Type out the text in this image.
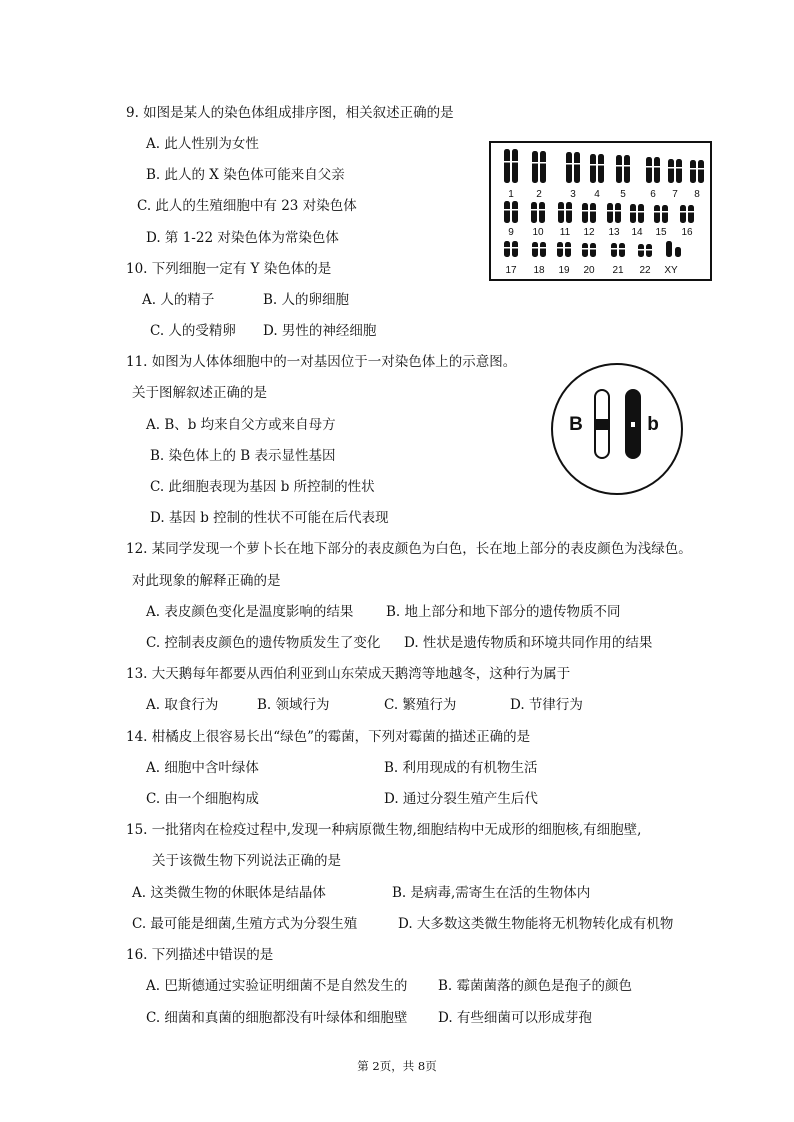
9. 如图是某人的染色体组成排序图，相关叙述正确的是
A. 此人性别为女性
B. 此人的 X 染色体可能来自父亲
C. 此人的生殖细胞中有 23 对染色体
D. 第 1-22 对染色体为常染色体
1 2	3 4 5 6 7 8
9 10 11 12 13 14 15 16
17 18 19 20 21 22 XY
10. 下列细胞一定有 Y 染色体的是
A. 人的精子	B. 人的卵细胞
C. 人的受精卵 D. 男性的神经细胞
11. 如图为人体体细胞中的一对基因位于一对染色体上的示意图。
关于图解叙述正确的是
A. B、b 均来自父方或来自母方
B. 染色体上的 B 表示显性基因
C. 此细胞表现为基因 b 所控制的性状
D. 基因 b 控制的性状不可能在后代表现
B	b
12. 某同学发现一个萝卜长在地下部分的表皮颜色为白色，长在地上部分的表皮颜色为浅绿色。
对此现象的解释正确的是
A. 表皮颜色变化是温度影响的结果 B. 地上部分和地下部分的遗传物质不同
C. 控制表皮颜色的遗传物质发生了变化 D. 性状是遗传物质和环境共同作用的结果
13. 大天鹅每年都要从西伯利亚到山东荣成天鹅湾等地越冬，这种行为属于
A. 取食行为	B. 领域行为	C. 繁殖行为	D. 节律行为
14. 柑橘皮上很容易长出“绿色”的霉菌，下列对霉菌的描述正确的是
A. 细胞中含叶绿体	B. 利用现成的有机物生活
C. 由一个细胞构成	D. 通过分裂生殖产生后代
15. 一批猪肉在检疫过程中,发现一种病原微生物,细胞结构中无成形的细胞核,有细胞壁,
关于该微生物下列说法正确的是
A. 这类微生物的休眠体是结晶体	B. 是病毒,需寄生在活的生物体内
C. 最可能是细菌,生殖方式为分裂生殖	D. 大多数这类微生物能将无机物转化成有机物
16. 下列描述中错误的是
A. 巴斯德通过实验证明细菌不是自然发生的 B. 霉菌菌落的颜色是孢子的颜色
C. 细菌和真菌的细胞都没有叶绿体和细胞壁 D. 有些细菌可以形成芽孢
第 2页，共 8页
